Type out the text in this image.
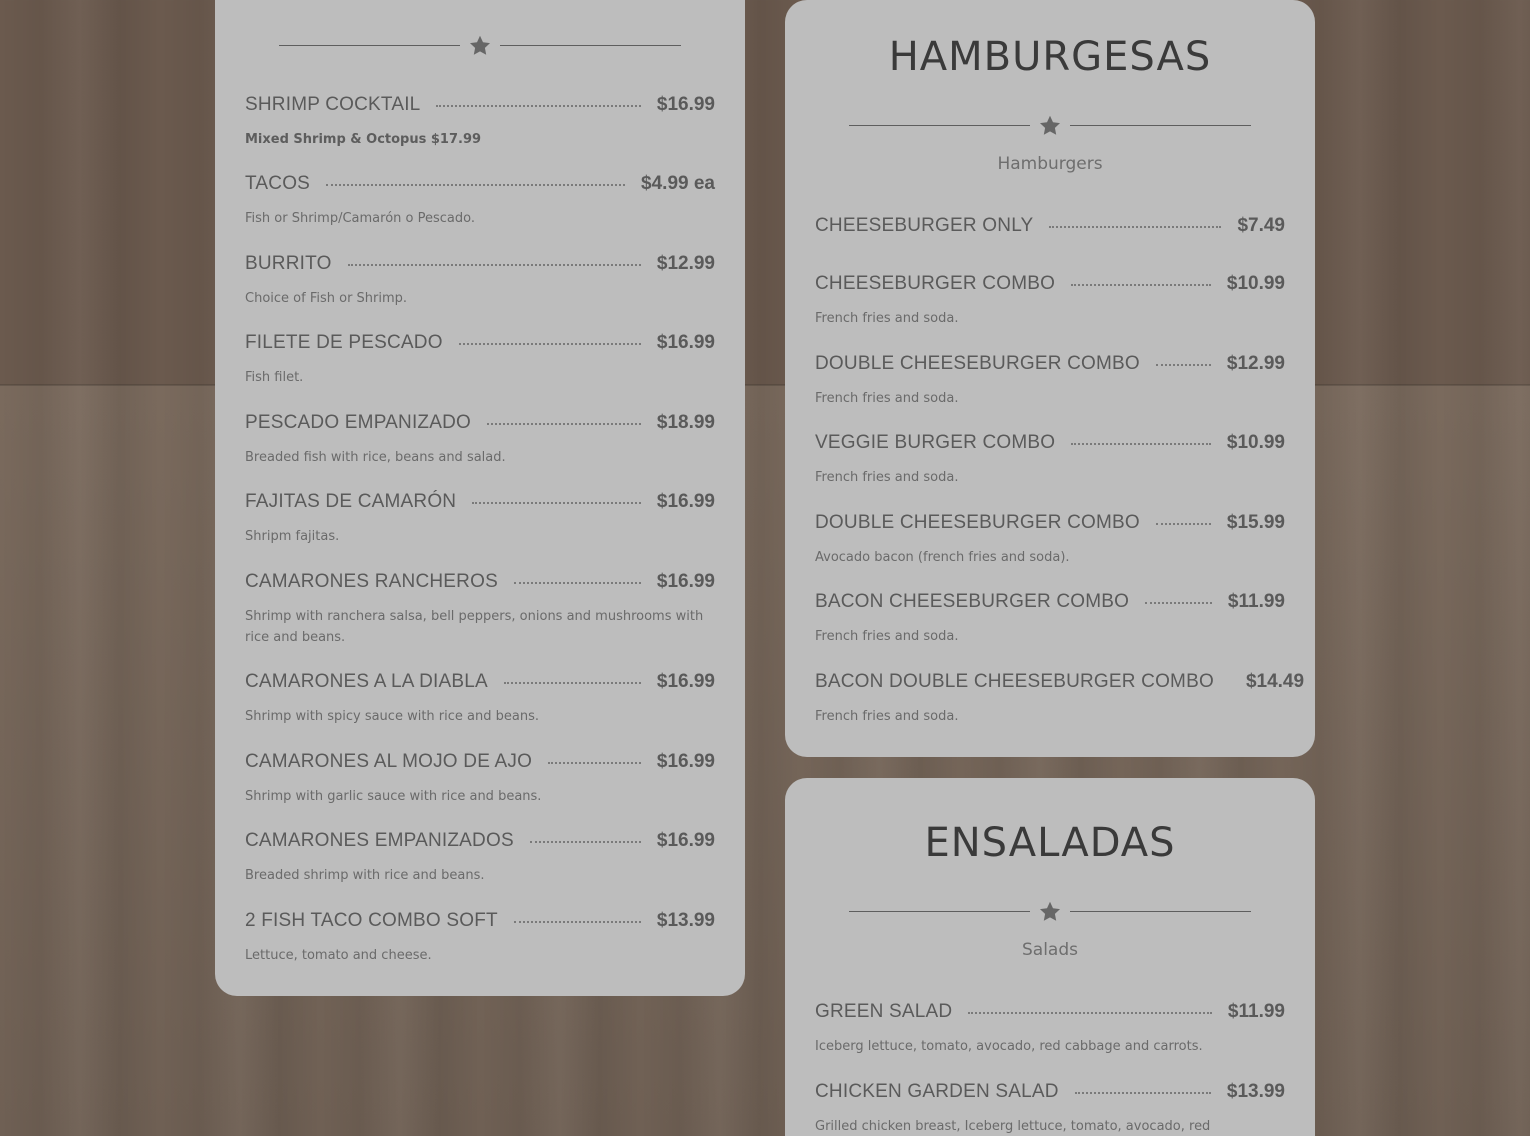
SHRIMP COCKTAIL	$16.99
Mixed Shrimp & Octopus $17.99
TACOS	$4.99 ea
Fish or Shrimp/Camarón o Pescado.
BURRITO	$12.99
Choice of Fish or Shrimp.
FILETE DE PESCADO	$16.99
Fish filet.
PESCADO EMPANIZADO	$18.99
Breaded fish with rice, beans and salad.
FAJITAS DE CAMARÓN	$16.99
Shripm fajitas.
CAMARONES RANCHEROS	$16.99
Shrimp with ranchera salsa, bell peppers, onions and mushrooms with rice and beans.
CAMARONES A LA DIABLA	$16.99
Shrimp with spicy sauce with rice and beans.
CAMARONES AL MOJO DE AJO	$16.99
Shrimp with garlic sauce with rice and beans.
CAMARONES EMPANIZADOS	$16.99
Breaded shrimp with rice and beans.
2 FISH TACO COMBO SOFT	$13.99
Lettuce, tomato and cheese.
HAMBURGESAS
Hamburgers
CHEESEBURGER ONLY	$7.49
CHEESEBURGER COMBO	$10.99
French fries and soda.
DOUBLE CHEESEBURGER COMBO	$12.99
French fries and soda.
VEGGIE BURGER COMBO	$10.99
French fries and soda.
DOUBLE CHEESEBURGER COMBO	$15.99
Avocado bacon (french fries and soda).
BACON CHEESEBURGER COMBO	$11.99
French fries and soda.
BACON DOUBLE CHEESEBURGER COMBO $14.49
French fries and soda.
ENSALADAS
Salads
GREEN SALAD	$11.99
Iceberg lettuce, tomato, avocado, red cabbage and carrots.
CHICKEN GARDEN SALAD	$13.99
Grilled chicken breast, Iceberg lettuce, tomato, avocado, red
